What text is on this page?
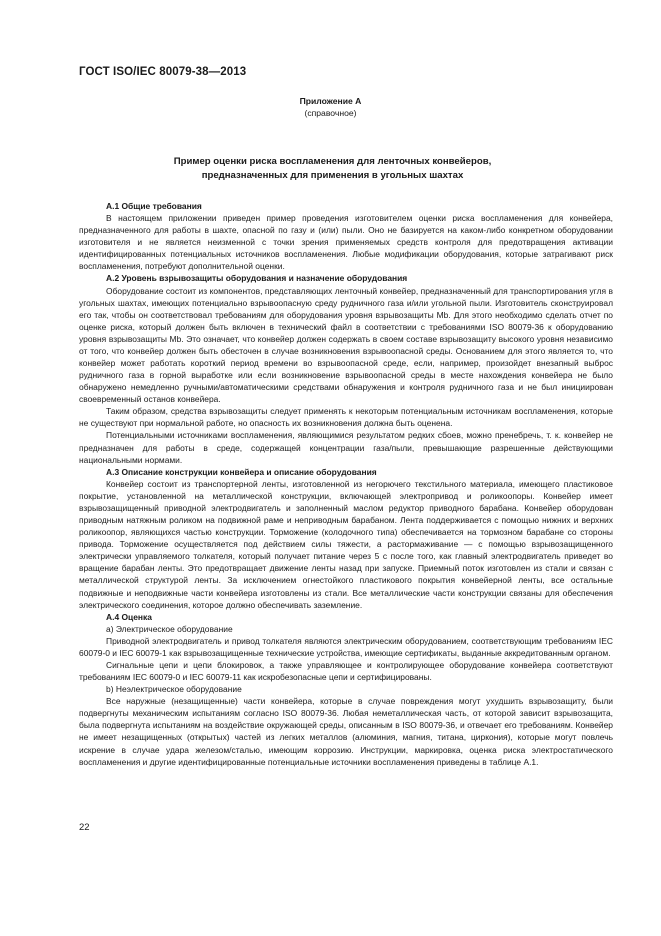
ГОСТ ISO/IEC 80079-38—2013
Приложение А
(справочное)
Пример оценки риска воспламенения для ленточных конвейеров,
предназначенных для применения в угольных шахтах
А.1 Общие требования

В настоящем приложении приведен пример проведения изготовителем оценки риска воспламенения для конвейера, предназначенного для работы в шахте, опасной по газу и (или) пыли. Оно не базируется на каком-либо конкретном оборудовании изготовителя и не является неизменной с точки зрения применяемых средств контроля для предотвращения активации идентифицированных потенциальных источников воспламенения. Любые модификации оборудования, которые затрагивают риск воспламенения, потребуют дополнительной оценки.

А.2 Уровень взрывозащиты оборудования и назначение оборудования

Оборудование состоит из компонентов, представляющих ленточный конвейер, предназначенный для транспортирования угля в угольных шахтах, имеющих потенциально взрывоопасную среду рудничного газа и/или угольной пыли. Изготовитель сконструировал его так, чтобы он соответствовал требованиям для оборудования уровня взрывозащиты Mb. Для этого необходимо сделать отчет по оценке риска, который должен быть включен в технический файл в соответствии с требованиями ISO 80079-36 к оборудованию уровня взрывозащиты Mb. Это означает, что конвейер должен содержать в своем составе взрывозащиту высокого уровня независимо от того, что конвейер должен быть обесточен в случае возникновения взрывоопасной среды. Основанием для этого является то, что конвейер может работать короткий период времени во взрывоопасной среде, если, например, произойдет внезапный выброс рудничного газа в горной выработке или если возникновение взрывоопасной среды в месте нахождения конвейера не было обнаружено немедленно ручными/автоматическими средствами обнаружения и контроля рудничного газа и не был инициирован своевременный останов конвейера.

Таким образом, средства взрывозащиты следует применять к некоторым потенциальным источникам воспламенения, которые не существуют при нормальной работе, но опасность их возникновения должна быть оценена.

Потенциальными источниками воспламенения, являющимися результатом редких сбоев, можно пренебречь, т. к. конвейер не предназначен для работы в среде, содержащей концентрации газа/пыли, превышающие разрешенные действующими национальными нормами.

А.3 Описание конструкции конвейера и описание оборудования

Конвейер состоит из транспортерной ленты, изготовленной из негорючего текстильного материала, имеющего пластиковое покрытие, установленной на металлической конструкции, включающей электропривод и роликоопоры. Конвейер имеет взрывозащищенный приводной электродвигатель и заполненный маслом редуктор приводного барабана. Конвейер оборудован приводным натяжным роликом на подвижной раме и неприводным барабаном. Лента поддерживается с помощью нижних и верхних роликоопор, являющихся частью конструкции. Торможение (колодочного типа) обеспечивается на тормозном барабане со стороны привода. Торможение осуществляется под действием силы тяжести, а растормаживание — с помощью взрывозащищенного электрически управляемого толкателя, который получает питание через 5 с после того, как главный электродвигатель приведет во вращение барабан ленты. Это предотвращает движение ленты назад при запуске. Приемный поток изготовлен из стали и связан с металлической структурой ленты. За исключением огнестойкого пластикового покрытия конвейерной ленты, все остальные подвижные и неподвижные части конвейера изготовлены из стали. Все металлические части конструкции связаны для обеспечения электрического соединения, которое должно обеспечивать заземление.

А.4 Оценка
а) Электрическое оборудование

Приводной электродвигатель и привод толкателя являются электрическим оборудованием, соответствующим требованиям IEC 60079-0 и IEC 60079-1 как взрывозащищенные технические устройства, имеющие сертификаты, выданные аккредитованным органом.

Сигнальные цепи и цепи блокировок, а также управляющее и контролирующее оборудование конвейера соответствуют требованиям IEC 60079-0 и IEC 60079-11 как искробезопасные цепи и сертифицированы.

b) Неэлектрическое оборудование

Все наружные (незащищенные) части конвейера, которые в случае повреждения могут ухудшить взрывозащиту, были подвергнуты механическим испытаниям согласно ISO 80079-36. Любая неметаллическая часть, от которой зависит взрывозащита, была подвергнута испытаниям на воздействие окружающей среды, описанным в ISO 80079-36, и отвечает его требованиям. Конвейер не имеет незащищенных (открытых) частей из легких металлов (алюминия, магния, титана, циркония), которые могут повлечь искрение в случае удара железом/сталью, имеющим коррозию. Инструкции, маркировка, оценка риска электростатического воспламенения и другие идентифицированные потенциальные источники воспламенения приведены в таблице А.1.

22
